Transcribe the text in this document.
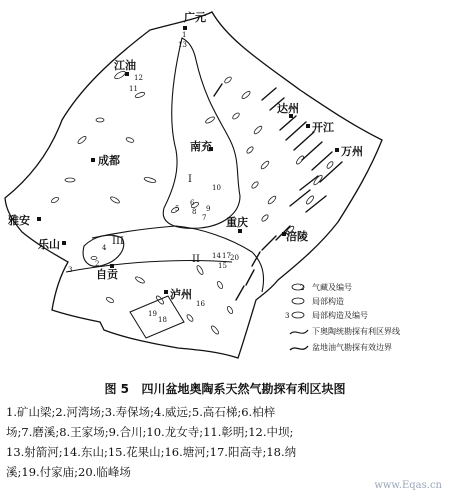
广元
江油
南充
成都
达州
开江
万州
雅安
乐山
自贡
重庆
涪陵
泸州
I
II
III
1
13
12
11
10
6
5 8 9
7
4
2
3
14
15
17 20
16
19
18
2 气藏及编号
局部构造
3	局部构造及编号
下奥陶统勘探有利区界线
盆地油气勘探有效边界
图 5 四川盆地奥陶系天然气勘探有利区块图
1.矿山梁;2.河湾场;3.寿保场;4.威远;5.高石梯;6.柏梓
场;7.磨溪;8.王家场;9.合川;10.龙女寺;11.彰明;12.中坝;
13.射箭河;14.东山;15.花果山;16.塘河;17.阳高寺;18.纳
溪;19.付家庙;20.临峰场
www.Eqas.cn
